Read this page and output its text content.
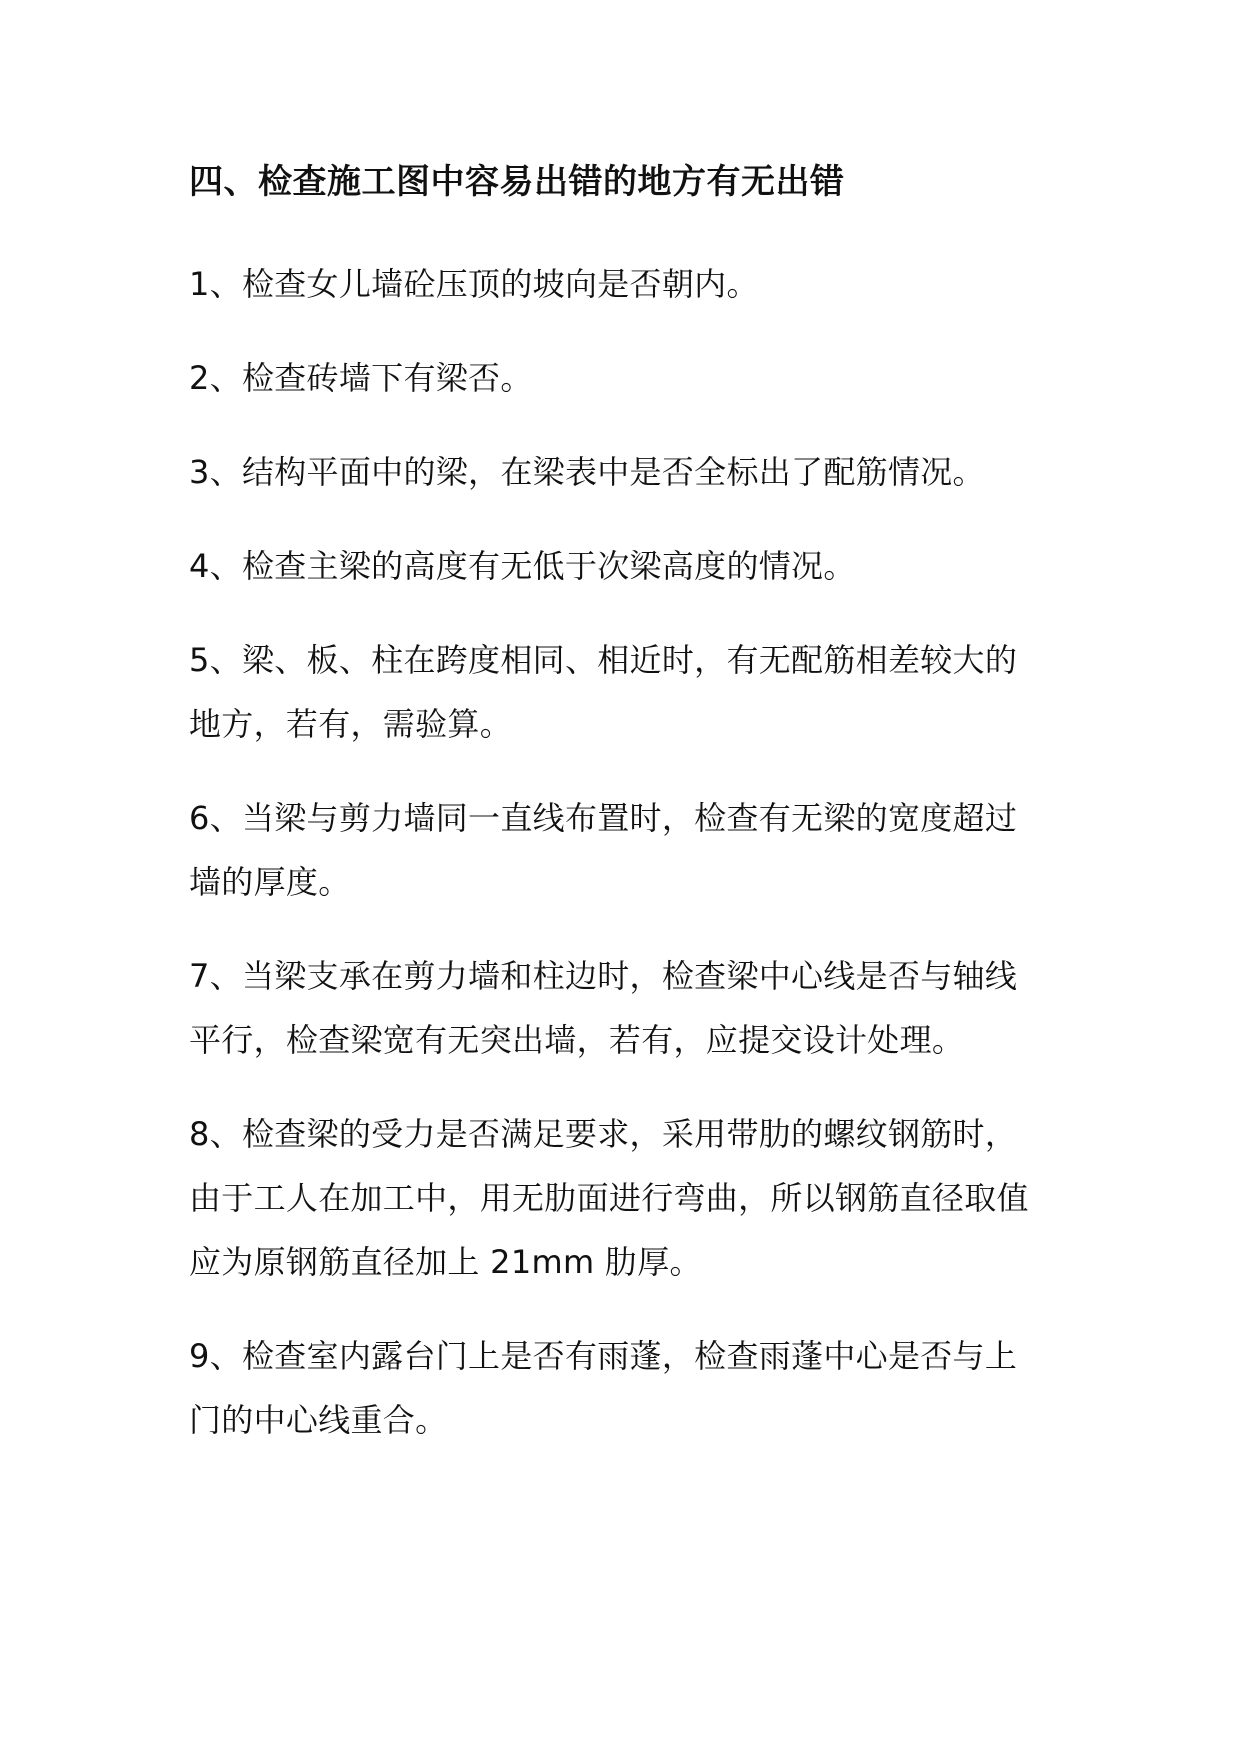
四、检查施工图中容易出错的地方有无出错
1、检查女儿墙砼压顶的坡向是否朝内。
2、检查砖墙下有梁否。
3、结构平面中的梁，在梁表中是否全标出了配筋情况。
4、检查主梁的高度有无低于次梁高度的情况。
5、梁、板、柱在跨度相同、相近时，有无配筋相差较大的
地方，若有，需验算。
6、当梁与剪力墙同一直线布置时，检查有无梁的宽度超过
墙的厚度。
7、当梁支承在剪力墙和柱边时，检查梁中心线是否与轴线
平行，检查梁宽有无突出墙，若有，应提交设计处理。
8、检查梁的受力是否满足要求，采用带肋的螺纹钢筋时，
由于工人在加工中，用无肋面进行弯曲，所以钢筋直径取值
应为原钢筋直径加上 21mm 肋厚。
9、检查室内露台门上是否有雨蓬，检查雨蓬中心是否与上
门的中心线重合。
